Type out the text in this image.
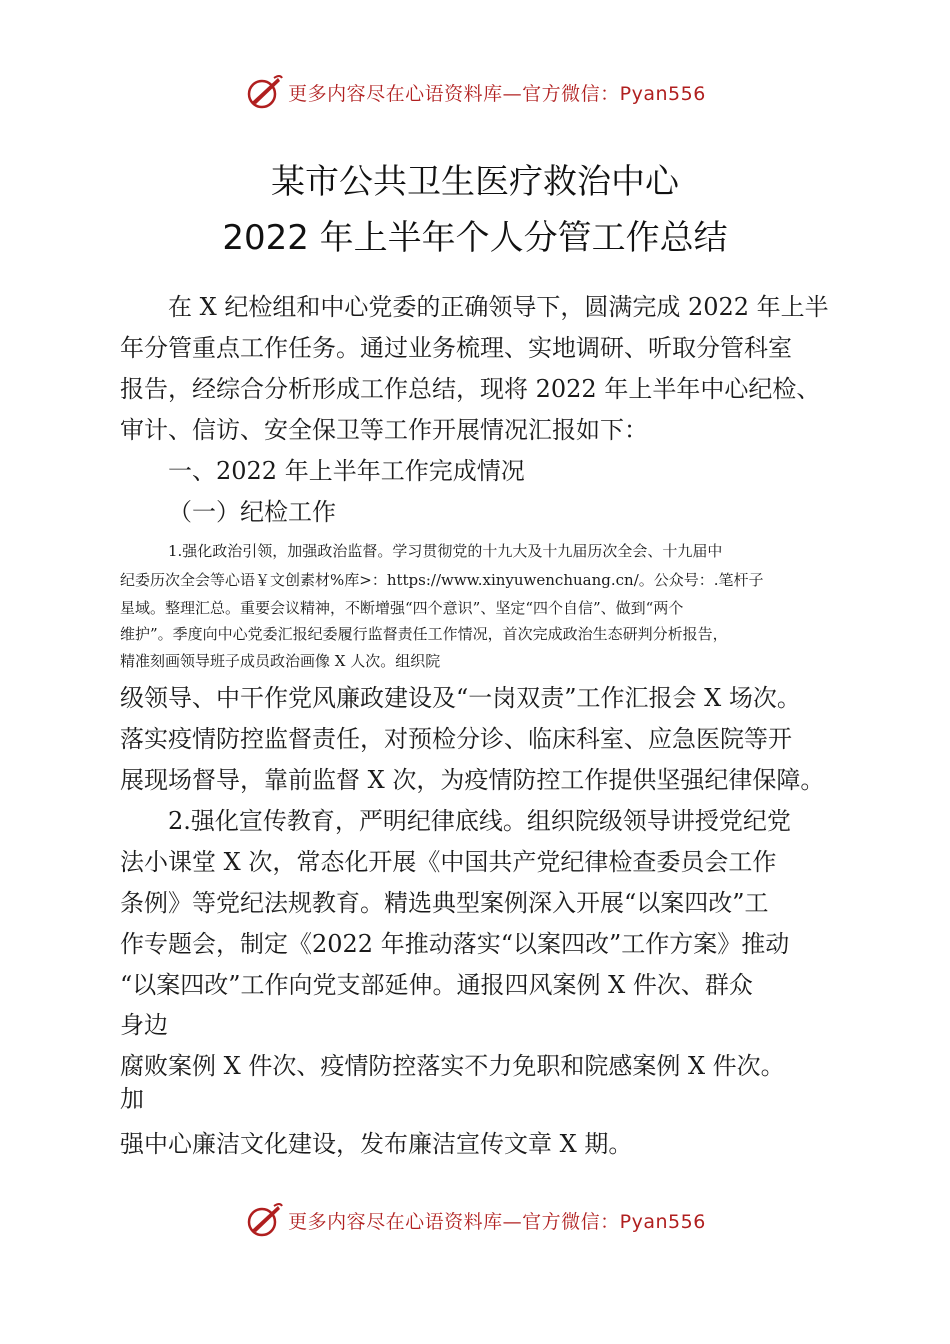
更多内容尽在心语资料库—官方微信：Pyan556
某市公共卫生医疗救治中心
2022 年上半年个人分管工作总结
在 X 纪检组和中心党委的正确领导下，圆满完成 2022 年上半
年分管重点工作任务。通过业务梳理、实地调研、听取分管科室
报告，经综合分析形成工作总结，现将 2022 年上半年中心纪检、
审计、信访、安全保卫等工作开展情况汇报如下：
一、2022 年上半年工作完成情况
（一）纪检工作
1.强化政治引领，加强政治监督。学习贯彻党的十九大及十九届历次全会、十九届中
纪委历次全会等心语￥文创素材%库>：https://www.xinyuwenchuang.cn/。公众号：.笔杆子
星域。整理汇总。重要会议精神，不断增强“四个意识”、坚定“四个自信”、做到“两个
维护”。季度向中心党委汇报纪委履行监督责任工作情况，首次完成政治生态研判分析报告，
精准刻画领导班子成员政治画像 X 人次。组织院
级领导、中干作党风廉政建设及“一岗双责”工作汇报会 X 场次。
落实疫情防控监督责任，对预检分诊、临床科室、应急医院等开
展现场督导，靠前监督 X 次，为疫情防控工作提供坚强纪律保障。
2.强化宣传教育，严明纪律底线。组织院级领导讲授党纪党
法小课堂 X 次，常态化开展《中国共产党纪律检查委员会工作
条例》等党纪法规教育。精选典型案例深入开展“以案四改”工
作专题会，制定《2022 年推动落实“以案四改”工作方案》推动
“以案四改”工作向党支部延伸。通报四风案例 X 件次、群众
身边
腐败案例 X 件次、疫情防控落实不力免职和院感案例 X 件次。
加
强中心廉洁文化建设，发布廉洁宣传文章 X 期。
更多内容尽在心语资料库—官方微信：Pyan556
